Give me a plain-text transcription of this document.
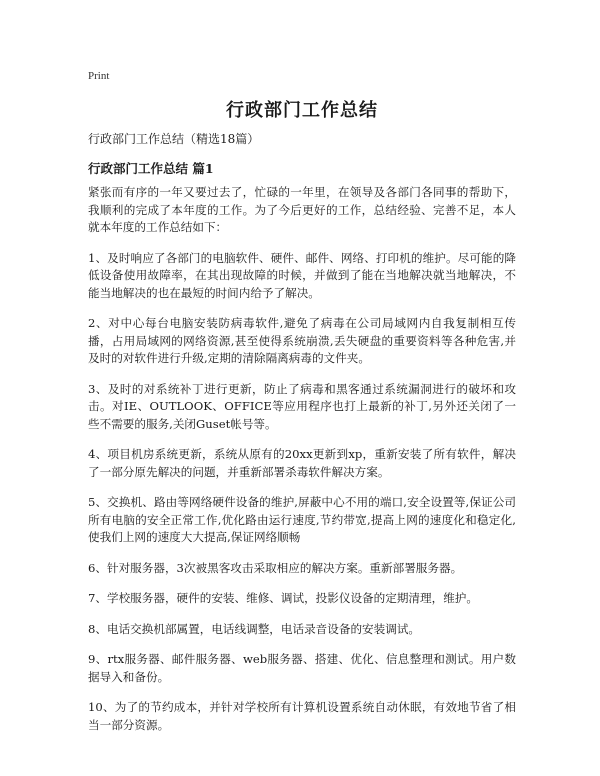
Print
行政部门工作总结
行政部门工作总结（精选18篇）
行政部门工作总结 篇1

紧张而有序的一年又要过去了，忙碌的一年里，在领导及各部门各同事的帮助下，我顺利的完成了本年度的工作。为了今后更好的工作，总结经验、完善不足，本人就本年度的工作总结如下：

1、及时响应了各部门的电脑软件、硬件、邮件、网络、打印机的维护。尽可能的降低设备使用故障率，在其出现故障的时候，并做到了能在当地解决就当地解决，不能当地解决的也在最短的时间内给予了解决。

2、对中心每台电脑安装防病毒软件,避免了病毒在公司局域网内自我复制相互传播，占用局域网的网络资源,甚至使得系统崩溃,丢失硬盘的重要资料等各种危害,并及时的对软件进行升级,定期的清除隔离病毒的文件夹。

3、及时的对系统补丁进行更新，防止了病毒和黑客通过系统漏洞进行的破坏和攻击。对IE、OUTLOOK、OFFICE等应用程序也打上最新的补丁,另外还关闭了一些不需要的服务,关闭Guset帐号等。

4、项目机房系统更新，系统从原有的20xx更新到xp，重新安装了所有软件，解决了一部分原先解决的问题，并重新部署杀毒软件解决方案。

5、交换机、路由等网络硬件设备的维护,屏蔽中心不用的端口,安全设置等,保证公司所有电脑的安全正常工作,优化路由运行速度,节约带宽,提高上网的速度化和稳定化,使我们上网的速度大大提高,保证网络顺畅

6、针对服务器，3次被黑客攻击采取相应的解决方案。重新部署服务器。

7、学校服务器，硬件的安装、维修、调试，投影仪设备的定期清理，维护。

8、电话交换机部属置，电话线调整，电话录音设备的安装调试。

9、rtx服务器、邮件服务器、web服务器、搭建、优化、信息整理和测试。用户数据导入和备份。

10、为了的节约成本，并针对学校所有计算机设置系统自动休眠，有效地节省了相当一部分资源。
